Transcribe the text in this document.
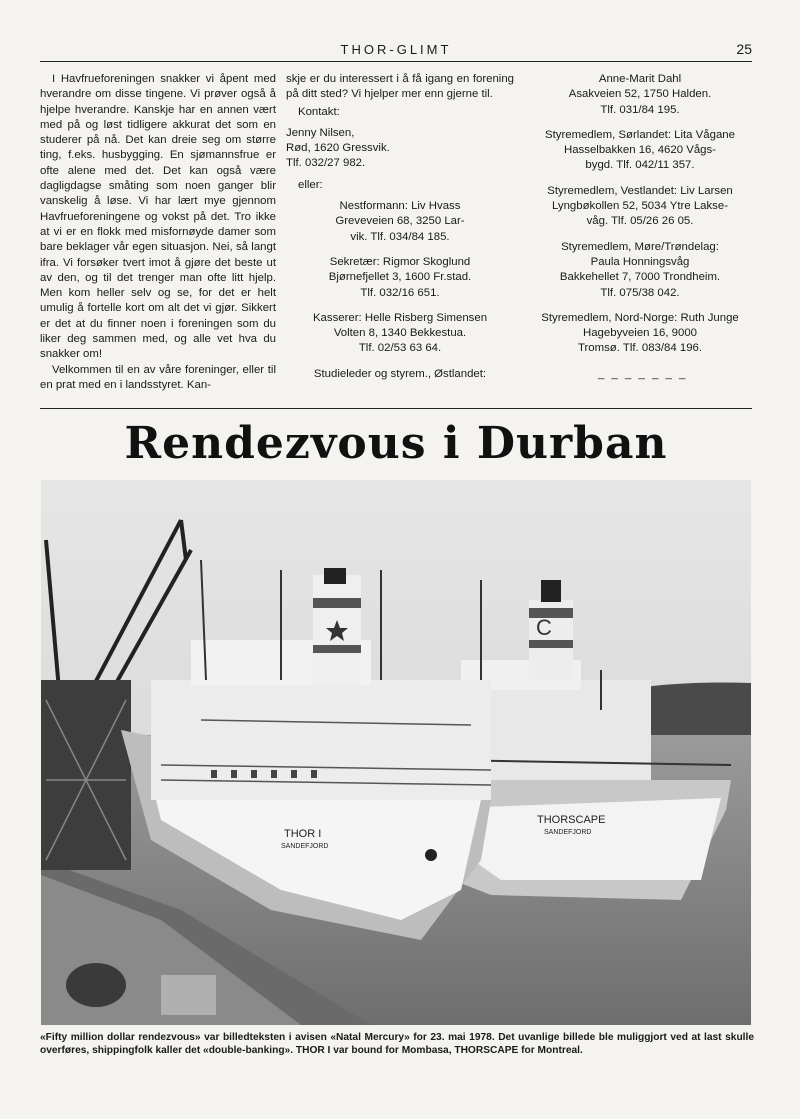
THOR-GLIMT	25

I Havfrueforeningen snakker vi åpent med hverandre om disse tingene. Vi prøver også å hjelpe hverandre. Kanskje har en annen vært med på og løst tidligere akkurat det som en studerer på nå. Det kan dreie seg om større ting, f.eks. husbygging. En sjømannsfrue er ofte alene med det. Det kan også være dagligdagse småting som noen ganger blir vanskelig å løse. Vi har lært mye gjennom Havfrueforeningene og vokst på det. Tro ikke at vi er en flokk med misfornøyde damer som bare beklager vår egen situasjon. Nei, så langt ifra. Vi forsøker tvert imot å gjøre det beste ut av den, og til det trenger man ofte litt hjelp. Men kom heller selv og se, for det er helt umulig å fortelle kort om alt det vi gjør. Sikkert er det at du finner noen i foreningen som du liker deg sammen med, og alle vet hva du snakker om!

Velkommen til en av våre foreninger, eller til en prat med en i landsstyret. Kan-

skje er du interessert i å få igang en forening på ditt sted? Vi hjelper mer enn gjerne til.
Kontakt:
Jenny Nilsen,
Rød, 1620 Gressvik.
Tlf. 032/27 982.
eller:
Nestformann: Liv Hvass
Greveveien 68, 3250 Lar-
vik. Tlf. 034/84 185.
Sekretær: Rigmor Skoglund
Bjørnefjellet 3, 1600 Fr.stad.
Tlf. 032/16 651.
Kasserer: Helle Risberg Simensen
Volten 8, 1340 Bekkestua.
Tlf. 02/53 63 64.
Studieleder og styrem., Østlandet:
Anne-Marit Dahl
Asakveien 52, 1750 Halden.
Tlf. 031/84 195.
Styremedlem, Sørlandet: Lita Vågane
Hasselbakken 16, 4620 Vågs-
bygd. Tlf. 042/11 357.
Styremedlem, Vestlandet: Liv Larsen
Lyngbøkollen 52, 5034 Ytre Lakse-
våg. Tlf. 05/26 26 05.
Styremedlem, Møre/Trøndelag:
Paula Honningsvåg
Bakkehellet 7, 7000 Trondheim.
Tlf. 075/38 042.
Styremedlem, Nord-Norge: Ruth Junge
Hagebyveien 16, 9000
Tromsø. Tlf. 083/84 196.
_ _ _ _ _ _ _
Rendezvous i Durban
C
THORSCAPE
SANDEFJORD
THOR I
SANDEFJORD
«Fifty million dollar rendezvous» var billedteksten i avisen «Natal Mercury» for 23. mai 1978. Det uvanlige billede ble muliggjort ved at last skulle overføres, shippingfolk kaller det «double-banking». THOR I var bound for Mombasa, THORSCAPE for Montreal.
